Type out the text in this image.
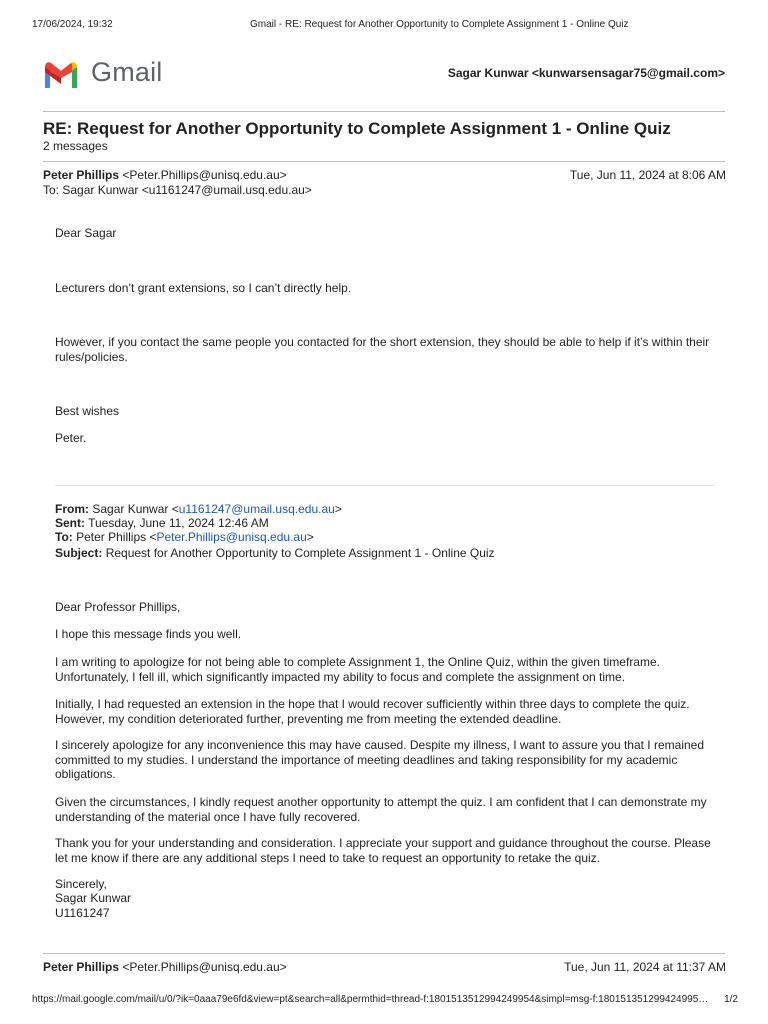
17/06/2024, 19:32	Gmail - RE: Request for Another Opportunity to Complete Assignment 1 - Online Quiz
Gmail	Sagar Kunwar <kunwarsensagar75@gmail.com>
RE: Request for Another Opportunity to Complete Assignment 1 - Online Quiz
2 messages
Peter Phillips <Peter.Phillips@unisq.edu.au>	Tue, Jun 11, 2024 at 8:06 AM
To: Sagar Kunwar <u1161247@umail.usq.edu.au>
Dear Sagar
Lecturers don’t grant extensions, so I can’t directly help.
However, if you contact the same people you contacted for the short extension, they should be able to help if it’s within their rules/policies.
Best wishes
Peter.
From: Sagar Kunwar <u1161247@umail.usq.edu.au>
Sent: Tuesday, June 11, 2024 12:46 AM
To: Peter Phillips <Peter.Phillips@unisq.edu.au>
Subject: Request for Another Opportunity to Complete Assignment 1 - Online Quiz
Dear Professor Phillips,
I hope this message finds you well.
I am writing to apologize for not being able to complete Assignment 1, the Online Quiz, within the given timeframe. Unfortunately, I fell ill, which significantly impacted my ability to focus and complete the assignment on time.
Initially, I had requested an extension in the hope that I would recover sufficiently within three days to complete the quiz. However, my condition deteriorated further, preventing me from meeting the extended deadline.
I sincerely apologize for any inconvenience this may have caused. Despite my illness, I want to assure you that I remained committed to my studies. I understand the importance of meeting deadlines and taking responsibility for my academic obligations.
Given the circumstances, I kindly request another opportunity to attempt the quiz. I am confident that I can demonstrate my understanding of the material once I have fully recovered.
Thank you for your understanding and consideration. I appreciate your support and guidance throughout the course. Please let me know if there are any additional steps I need to take to request an opportunity to retake the quiz.
Sincerely,
Sagar Kunwar
U1161247
Peter Phillips <Peter.Phillips@unisq.edu.au>	Tue, Jun 11, 2024 at 11:37 AM
https://mail.google.com/mail/u/0/?ik=0aaa79e6fd&view=pt&search=all&permthid=thread-f:1801513512994249954&simpl=msg-f:180151351299424995… 1/2
